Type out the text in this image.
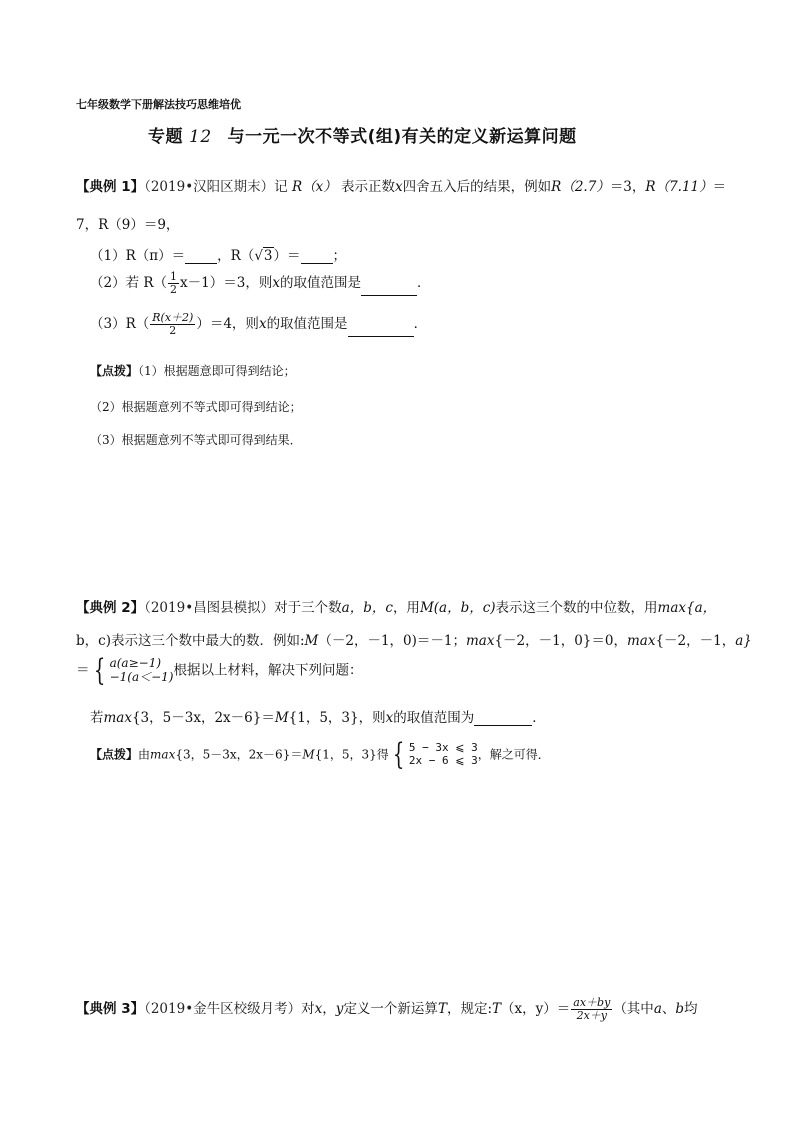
七年级数学下册解法技巧思维培优
专题 12 与一元一次不等式(组)有关的定义新运算问题
【典例 1】（2019•汉阳区期末）记 R（x） 表示正数x四舍五入后的结果，例如R（2.7）＝3，R（7.11）＝
7，R（9）＝9，
（1）R（π）＝ ，R（√3）＝ ；
（2）若 $R( \frac{1}{2} x-1)=3$，则x的取值范围是	．
$(3)R( \frac{R(x+2)}{2} )=4$，则x的取值范围是	．
【点拨】（1）根据题意即可得到结论；
（2）根据题意列不等式即可得到结论；
（3）根据题意列不等式即可得到结果．
【典例 2】（2019•昌图县模拟）对于三个数a，b，c，用M(a，b，c)表示这三个数的中位数，用max{a，
b，c)表示这三个数中最大的数．例如:M（－2，－1，0)＝－1；max{－2，－1，0}＝0，max{－2，－1，a}
＝ { a(a≥−1)
−1(a＜−1) 根据以上材料，解决下列问题：
若max{3，5－3x，2x－6}＝M{1，5，3}，则x的取值范围为	．
【点拨】由max{3，5－3x，2x－6}＝M{1，5，3}得 { 5 − 3x ⩽ 3
2x − 6 ⩽ 3 ，解之可得．
【典例 3】（2019•金牛区校级月考）对x，y定义一个新运算T，规定:T（x，$y)= \frac{ax+by}{2x+y}$ （其中a、b均
